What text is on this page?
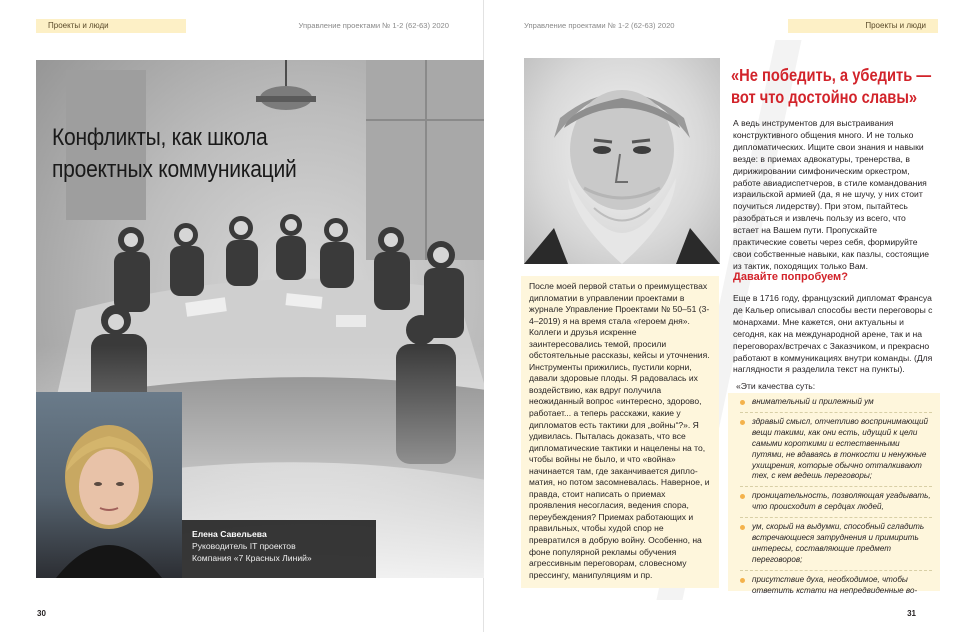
Проекты и люди	Управление проектами № 1-2 (62-63) 2020
30
Конфликты, как школа
проектных коммуникаций
Елена Савельева
Руководитель IT проектов
Компания «7 Красных Линий»
Проекты и люди
Управление проектами № 1-2 (62-63) 2020
31
«Не победить, а убедить —
вот что достойно славы»

А ведь инструментов для выстраивания конструктивного общения много. И не только дипломатических. Ищите свои знания и навыки везде: в приемах адвокатуры, тренерства, в дирижировании симфоническим оркестром, работе авиадиспетчеров, в стиле командования израильской армией (да, я не шучу, у них стоит поучиться лидерству). При этом, пытайтесь разобраться и извлечь пользу из всего, что встает на Вашем пути. Пропускайте практические советы через себя, формируйте свои собственные навыки, как пазлы, состоящие из тактик, походящих только Вам.

Давайте попробуем?

Еще в 1716 году, французский дипломат Франсуа де Кальер описывал способы вести переговоры с монархами. Мне кажется, они актуальны и сегодня, как на международной арене, так и на переговорах/встречах с Заказчиком, и прекрасно работают в коммуникациях внутри команды. (Для наглядности я разделила текст на пункты).

«Эти качества суть:
внимательный и прилежный ум
здравый смысл, отчетливо воспринимающий вещи такими, как они есть, идущий к цели самыми короткими и естественными путями, не вдаваясь в тонкости и ненужные ухищрения, которые обычно отталкивают тех, с кем ведешь переговоры;
проницательность, позволяющая угадывать, что происходит в сердцах людей,
ум, скорый на выдумки, способный сгладить встречающиеся затруднения и примирить интересы, составляющие предмет переговоров;
присутствие духа, необходимое, чтобы ответить кстати на непредвиденные во-
После моей первой статьи о преимуществах дипломатии в управлении проектами в журнале Управление Проектами № 50–51 (3-4–2019) я на время стала «героем дня». Коллеги и друзья искренне заинтересовались темой, просили обстоятельные рассказы, кейсы и уточнения. Инструменты прижились, пустили корни, давали здоровые плоды. Я радовалась их воздействию, как вдруг получила неожиданный вопрос «интересно, здорово, работает... а теперь расскажи, какие у дипломатов есть тактики для „войны“?». Я удивилась. Пыталась доказать, что все дипломатические тактики и нацелены на то, чтобы войны не было, и что «война» начинается там, где заканчивается дипломатия, но потом засомневалась. Наверное, и правда, стоит написать о приемах проявления несогласия, ведения спора, переубеждения? Приемах работающих и правильных, чтобы худой спор не превратился в добрую войну. Особенно, на фоне популярной рекламы обучения агрессивным переговорам, словесному прессингу, манипуляциям и пр.
